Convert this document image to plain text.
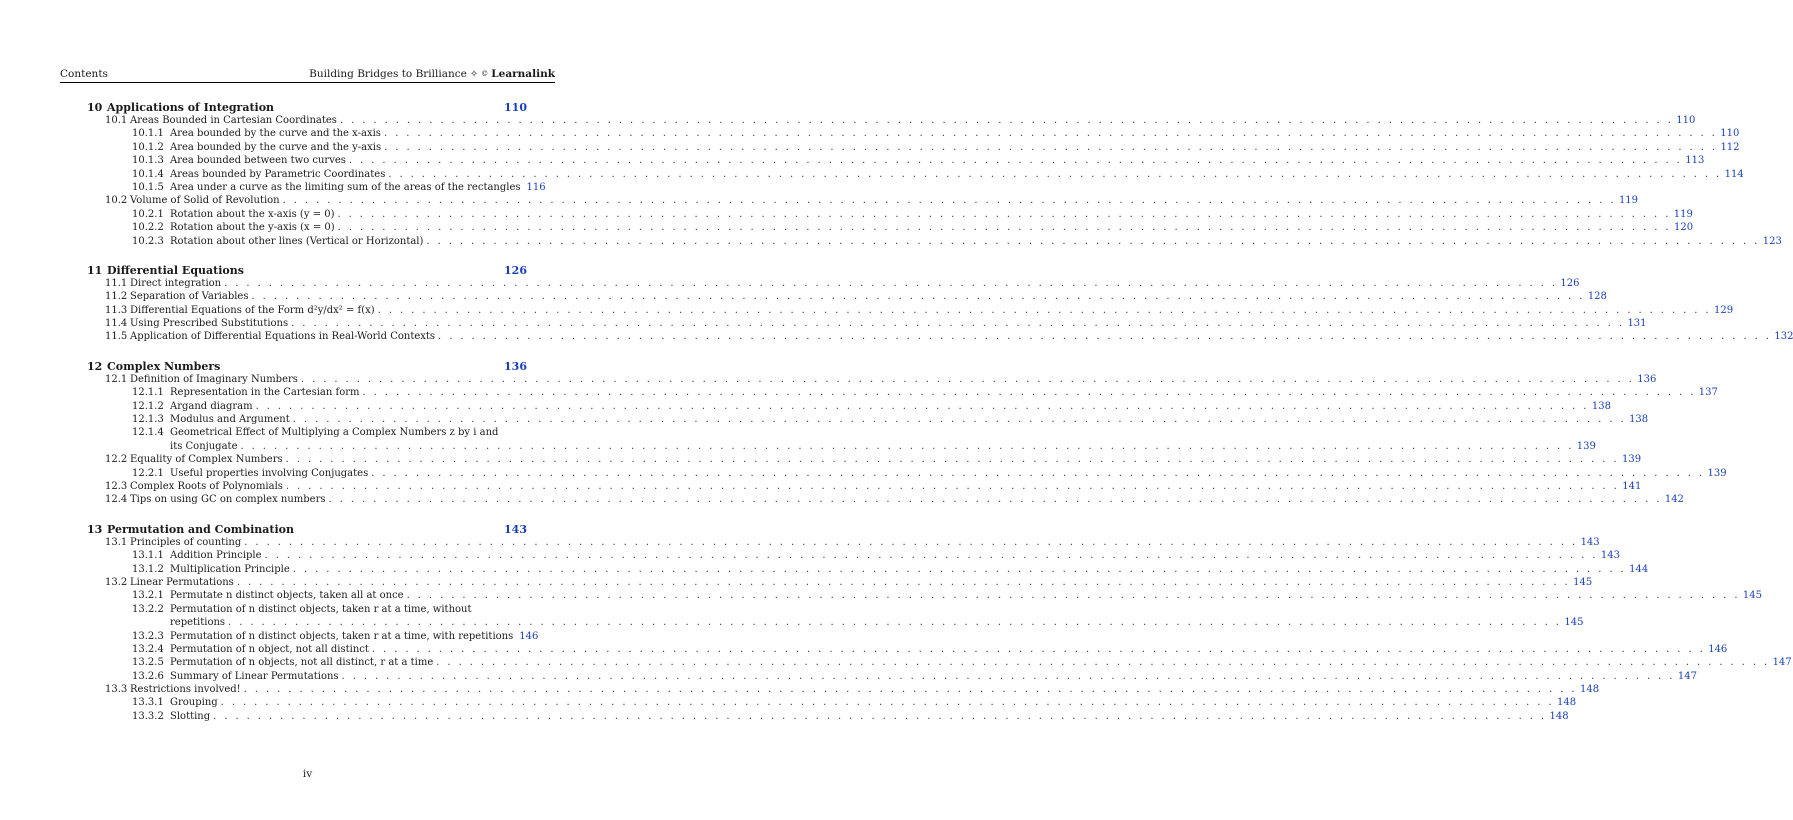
Contents	Building Bridges to Brilliance ✧ © Learnalink
10 Applications of Integration	110
10.1 Areas Bounded in Cartesian Coordinates . . . . . . . . . . . . . . . . . . . . . . . . . . . . . . . . . . . . . . . . . . . . . . . . . . . . . . . . . . . . . . . . . . . . . . . . . . . . . . . . . . . . . . . . . . . . . . . . . . . . . . . . . . . . . . . . . . . . . . . . 110
10.1.1 Area bounded by the curve and the x-axis . . . . . . . . . . . . . . . . . . . . . . . . . . . . . . . . . . . . . . . . . . . . . . . . . . . . . . . . . . . . . . . . . . . . . . . . . . . . . . . . . . . . . . . . . . . . . . . . . . . . . . . . . . . . . . . . . . . . . . . . 110
10.1.2 Area bounded by the curve and the y-axis . . . . . . . . . . . . . . . . . . . . . . . . . . . . . . . . . . . . . . . . . . . . . . . . . . . . . . . . . . . . . . . . . . . . . . . . . . . . . . . . . . . . . . . . . . . . . . . . . . . . . . . . . . . . . . . . . . . . . . . . 112
10.1.3 Area bounded between two curves . . . . . . . . . . . . . . . . . . . . . . . . . . . . . . . . . . . . . . . . . . . . . . . . . . . . . . . . . . . . . . . . . . . . . . . . . . . . . . . . . . . . . . . . . . . . . . . . . . . . . . . . . . . . . . . . . . . . . . . . 113
10.1.4 Areas bounded by Parametric Coordinates . . . . . . . . . . . . . . . . . . . . . . . . . . . . . . . . . . . . . . . . . . . . . . . . . . . . . . . . . . . . . . . . . . . . . . . . . . . . . . . . . . . . . . . . . . . . . . . . . . . . . . . . . . . . . . . . . . . . . . . . 114
10.1.5 Area under a curve as the limiting sum of the areas of the rectangles 116
10.2 Volume of Solid of Revolution . . . . . . . . . . . . . . . . . . . . . . . . . . . . . . . . . . . . . . . . . . . . . . . . . . . . . . . . . . . . . . . . . . . . . . . . . . . . . . . . . . . . . . . . . . . . . . . . . . . . . . . . . . . . . . . . . . . . . . . . 119
10.2.1 Rotation about the x-axis (y = 0) . . . . . . . . . . . . . . . . . . . . . . . . . . . . . . . . . . . . . . . . . . . . . . . . . . . . . . . . . . . . . . . . . . . . . . . . . . . . . . . . . . . . . . . . . . . . . . . . . . . . . . . . . . . . . . . . . . . . . . . . 119
10.2.2 Rotation about the y-axis (x = 0) . . . . . . . . . . . . . . . . . . . . . . . . . . . . . . . . . . . . . . . . . . . . . . . . . . . . . . . . . . . . . . . . . . . . . . . . . . . . . . . . . . . . . . . . . . . . . . . . . . . . . . . . . . . . . . . . . . . . . . . . 120
10.2.3 Rotation about other lines (Vertical or Horizontal) . . . . . . . . . . . . . . . . . . . . . . . . . . . . . . . . . . . . . . . . . . . . . . . . . . . . . . . . . . . . . . . . . . . . . . . . . . . . . . . . . . . . . . . . . . . . . . . . . . . . . . . . . . . . . . . . . . . . . . . . 123
11 Differential Equations	126
11.1 Direct integration . . . . . . . . . . . . . . . . . . . . . . . . . . . . . . . . . . . . . . . . . . . . . . . . . . . . . . . . . . . . . . . . . . . . . . . . . . . . . . . . . . . . . . . . . . . . . . . . . . . . . . . . . . . . . . . . . . . . . . . . 126
11.2 Separation of Variables . . . . . . . . . . . . . . . . . . . . . . . . . . . . . . . . . . . . . . . . . . . . . . . . . . . . . . . . . . . . . . . . . . . . . . . . . . . . . . . . . . . . . . . . . . . . . . . . . . . . . . . . . . . . . . . . . . . . . . . . 128
11.3 Differential Equations of the Form d²y/dx² = f(x) . . . . . . . . . . . . . . . . . . . . . . . . . . . . . . . . . . . . . . . . . . . . . . . . . . . . . . . . . . . . . . . . . . . . . . . . . . . . . . . . . . . . . . . . . . . . . . . . . . . . . . . . . . . . . . . . . . . . . . . . 129
11.4 Using Prescribed Substitutions . . . . . . . . . . . . . . . . . . . . . . . . . . . . . . . . . . . . . . . . . . . . . . . . . . . . . . . . . . . . . . . . . . . . . . . . . . . . . . . . . . . . . . . . . . . . . . . . . . . . . . . . . . . . . . . . . . . . . . . . 131
11.5 Application of Differential Equations in Real-World Contexts . . . . . . . . . . . . . . . . . . . . . . . . . . . . . . . . . . . . . . . . . . . . . . . . . . . . . . . . . . . . . . . . . . . . . . . . . . . . . . . . . . . . . . . . . . . . . . . . . . . . . . . . . . . . . . . . . . . . . . . . 132
12 Complex Numbers	136
12.1 Definition of Imaginary Numbers . . . . . . . . . . . . . . . . . . . . . . . . . . . . . . . . . . . . . . . . . . . . . . . . . . . . . . . . . . . . . . . . . . . . . . . . . . . . . . . . . . . . . . . . . . . . . . . . . . . . . . . . . . . . . . . . . . . . . . . . 136
12.1.1 Representation in the Cartesian form . . . . . . . . . . . . . . . . . . . . . . . . . . . . . . . . . . . . . . . . . . . . . . . . . . . . . . . . . . . . . . . . . . . . . . . . . . . . . . . . . . . . . . . . . . . . . . . . . . . . . . . . . . . . . . . . . . . . . . . . 137
12.1.2 Argand diagram . . . . . . . . . . . . . . . . . . . . . . . . . . . . . . . . . . . . . . . . . . . . . . . . . . . . . . . . . . . . . . . . . . . . . . . . . . . . . . . . . . . . . . . . . . . . . . . . . . . . . . . . . . . . . . . . . . . . . . . . 138
12.1.3 Modulus and Argument . . . . . . . . . . . . . . . . . . . . . . . . . . . . . . . . . . . . . . . . . . . . . . . . . . . . . . . . . . . . . . . . . . . . . . . . . . . . . . . . . . . . . . . . . . . . . . . . . . . . . . . . . . . . . . . . . . . . . . . . 138
12.1.4 Geometrical Effect of Multiplying a Complex Numbers z by i and
its Conjugate . . . . . . . . . . . . . . . . . . . . . . . . . . . . . . . . . . . . . . . . . . . . . . . . . . . . . . . . . . . . . . . . . . . . . . . . . . . . . . . . . . . . . . . . . . . . . . . . . . . . . . . . . . . . . . . . . . . . . . . . 139
12.2 Equality of Complex Numbers . . . . . . . . . . . . . . . . . . . . . . . . . . . . . . . . . . . . . . . . . . . . . . . . . . . . . . . . . . . . . . . . . . . . . . . . . . . . . . . . . . . . . . . . . . . . . . . . . . . . . . . . . . . . . . . . . . . . . . . . 139
12.2.1 Useful properties involving Conjugates . . . . . . . . . . . . . . . . . . . . . . . . . . . . . . . . . . . . . . . . . . . . . . . . . . . . . . . . . . . . . . . . . . . . . . . . . . . . . . . . . . . . . . . . . . . . . . . . . . . . . . . . . . . . . . . . . . . . . . . . 139
12.3 Complex Roots of Polynomials . . . . . . . . . . . . . . . . . . . . . . . . . . . . . . . . . . . . . . . . . . . . . . . . . . . . . . . . . . . . . . . . . . . . . . . . . . . . . . . . . . . . . . . . . . . . . . . . . . . . . . . . . . . . . . . . . . . . . . . . 141
12.4 Tips on using GC on complex numbers . . . . . . . . . . . . . . . . . . . . . . . . . . . . . . . . . . . . . . . . . . . . . . . . . . . . . . . . . . . . . . . . . . . . . . . . . . . . . . . . . . . . . . . . . . . . . . . . . . . . . . . . . . . . . . . . . . . . . . . . 142
13 Permutation and Combination	143
13.1 Principles of counting . . . . . . . . . . . . . . . . . . . . . . . . . . . . . . . . . . . . . . . . . . . . . . . . . . . . . . . . . . . . . . . . . . . . . . . . . . . . . . . . . . . . . . . . . . . . . . . . . . . . . . . . . . . . . . . . . . . . . . . . 143
13.1.1 Addition Principle . . . . . . . . . . . . . . . . . . . . . . . . . . . . . . . . . . . . . . . . . . . . . . . . . . . . . . . . . . . . . . . . . . . . . . . . . . . . . . . . . . . . . . . . . . . . . . . . . . . . . . . . . . . . . . . . . . . . . . . . 143
13.1.2 Multiplication Principle . . . . . . . . . . . . . . . . . . . . . . . . . . . . . . . . . . . . . . . . . . . . . . . . . . . . . . . . . . . . . . . . . . . . . . . . . . . . . . . . . . . . . . . . . . . . . . . . . . . . . . . . . . . . . . . . . . . . . . . . 144
13.2 Linear Permutations . . . . . . . . . . . . . . . . . . . . . . . . . . . . . . . . . . . . . . . . . . . . . . . . . . . . . . . . . . . . . . . . . . . . . . . . . . . . . . . . . . . . . . . . . . . . . . . . . . . . . . . . . . . . . . . . . . . . . . . . 145
13.2.1 Permutate n distinct objects, taken all at once . . . . . . . . . . . . . . . . . . . . . . . . . . . . . . . . . . . . . . . . . . . . . . . . . . . . . . . . . . . . . . . . . . . . . . . . . . . . . . . . . . . . . . . . . . . . . . . . . . . . . . . . . . . . . . . . . . . . . . . . 145
13.2.2 Permutation of n distinct objects, taken r at a time, without
repetitions . . . . . . . . . . . . . . . . . . . . . . . . . . . . . . . . . . . . . . . . . . . . . . . . . . . . . . . . . . . . . . . . . . . . . . . . . . . . . . . . . . . . . . . . . . . . . . . . . . . . . . . . . . . . . . . . . . . . . . . . 145
13.2.3 Permutation of n distinct objects, taken r at a time, with repetitions 146
13.2.4 Permutation of n object, not all distinct . . . . . . . . . . . . . . . . . . . . . . . . . . . . . . . . . . . . . . . . . . . . . . . . . . . . . . . . . . . . . . . . . . . . . . . . . . . . . . . . . . . . . . . . . . . . . . . . . . . . . . . . . . . . . . . . . . . . . . . . 146
13.2.5 Permutation of n objects, not all distinct, r at a time . . . . . . . . . . . . . . . . . . . . . . . . . . . . . . . . . . . . . . . . . . . . . . . . . . . . . . . . . . . . . . . . . . . . . . . . . . . . . . . . . . . . . . . . . . . . . . . . . . . . . . . . . . . . . . . . . . . . . . . . 147
13.2.6 Summary of Linear Permutations . . . . . . . . . . . . . . . . . . . . . . . . . . . . . . . . . . . . . . . . . . . . . . . . . . . . . . . . . . . . . . . . . . . . . . . . . . . . . . . . . . . . . . . . . . . . . . . . . . . . . . . . . . . . . . . . . . . . . . . . 147
13.3 Restrictions involved! . . . . . . . . . . . . . . . . . . . . . . . . . . . . . . . . . . . . . . . . . . . . . . . . . . . . . . . . . . . . . . . . . . . . . . . . . . . . . . . . . . . . . . . . . . . . . . . . . . . . . . . . . . . . . . . . . . . . . . . . 148
13.3.1 Grouping . . . . . . . . . . . . . . . . . . . . . . . . . . . . . . . . . . . . . . . . . . . . . . . . . . . . . . . . . . . . . . . . . . . . . . . . . . . . . . . . . . . . . . . . . . . . . . . . . . . . . . . . . . . . . . . . . . . . . . . . 148
13.3.2 Slotting . . . . . . . . . . . . . . . . . . . . . . . . . . . . . . . . . . . . . . . . . . . . . . . . . . . . . . . . . . . . . . . . . . . . . . . . . . . . . . . . . . . . . . . . . . . . . . . . . . . . . . . . . . . . . . . . . . . . . . . . 148
iv
